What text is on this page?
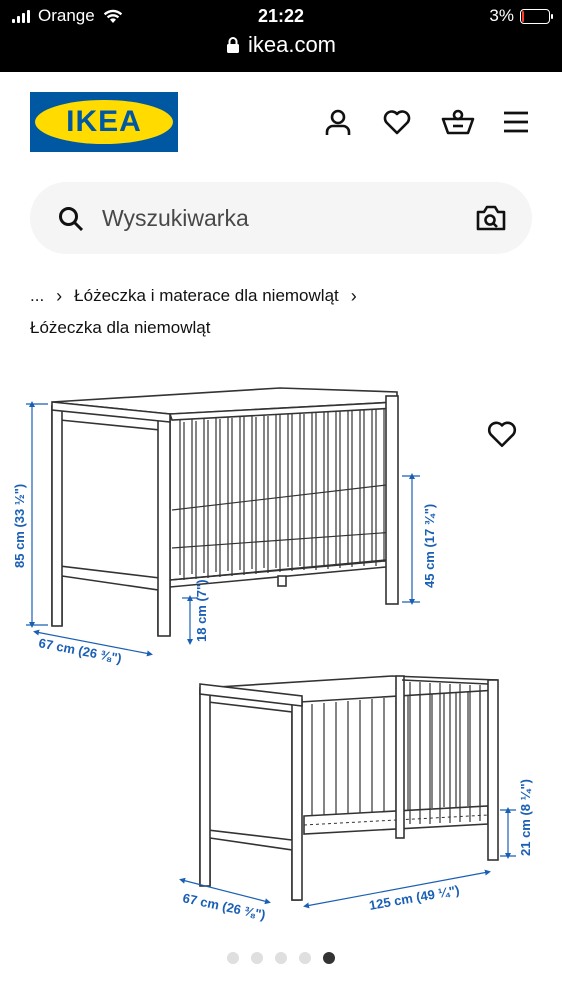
Orange	21:22	3%
ikea.com
IKEA
Wyszukiwarka
... › Łóżeczka i materace dla niemowląt ›
Łóżeczka dla niemowląt
85 cm (33 ½")
67 cm (26 ⅜")
18 cm (7")
45 cm (17 ¾")
67 cm (26 ⅜")	125 cm (49 ¼")
21 cm (8 ¼")
